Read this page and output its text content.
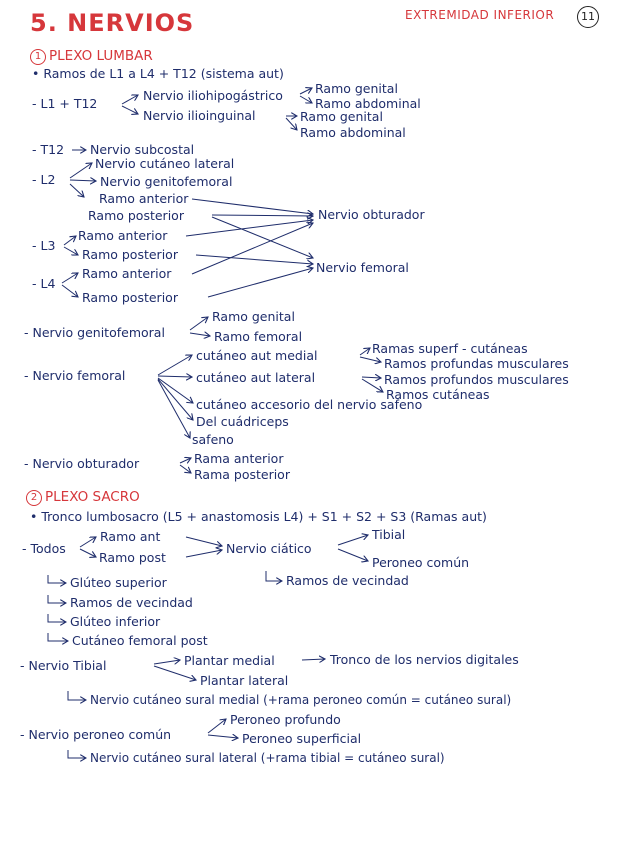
5. NERVIOS	EXTREMIDAD INFERIOR	11
1 PLEXO LUMBAR
• Ramos de L1 a L4 + T12 (sistema aut)
- L1 + T12
Nervio iliohipogástrico	Ramo genital
Ramo abdominal
Nervio ilioinguinal	Ramo genital
Ramo abdominal
- T12 Nervio subcostal
- L2
Nervio cutáneo lateral
Nervio genitofemoral
Ramo anterior
Ramo posterior	Nervio obturador
- L3
Ramo anterior
Ramo posterior
Nervio femoral
- L4
Ramo anterior
Ramo posterior
- Nervio genitofemoral
Ramo genital
Ramo femoral
- Nervio femoral
cutáneo aut medial
cutáneo aut lateral
Ramas superf - cutáneas
Ramos profundas musculares
Ramos profundos musculares
Ramos cutáneas
cutáneo accesorio del nervio safeno
Del cuádriceps
safeno
- Nervio obturador	Rama anterior
Rama posterior
2 PLEXO SACRO
• Tronco lumbosacro (L5 + anastomosis L4) + S1 + S2 + S3 (Ramas aut)
- Todos
Ramo ant
Ramo post
Nervio ciático
Tibial
Peroneo común
Ramos de vecindad
Glúteo superior
Ramos de vecindad
Glúteo inferior
Cutáneo femoral post
- Nervio Tibial	Plantar medial	Tronco de los nervios digitales
Plantar lateral
Nervio cutáneo sural medial (+rama peroneo común = cutáneo sural)
- Nervio peroneo común
Peroneo profundo
Peroneo superficial
Nervio cutáneo sural lateral (+rama tibial = cutáneo sural)
